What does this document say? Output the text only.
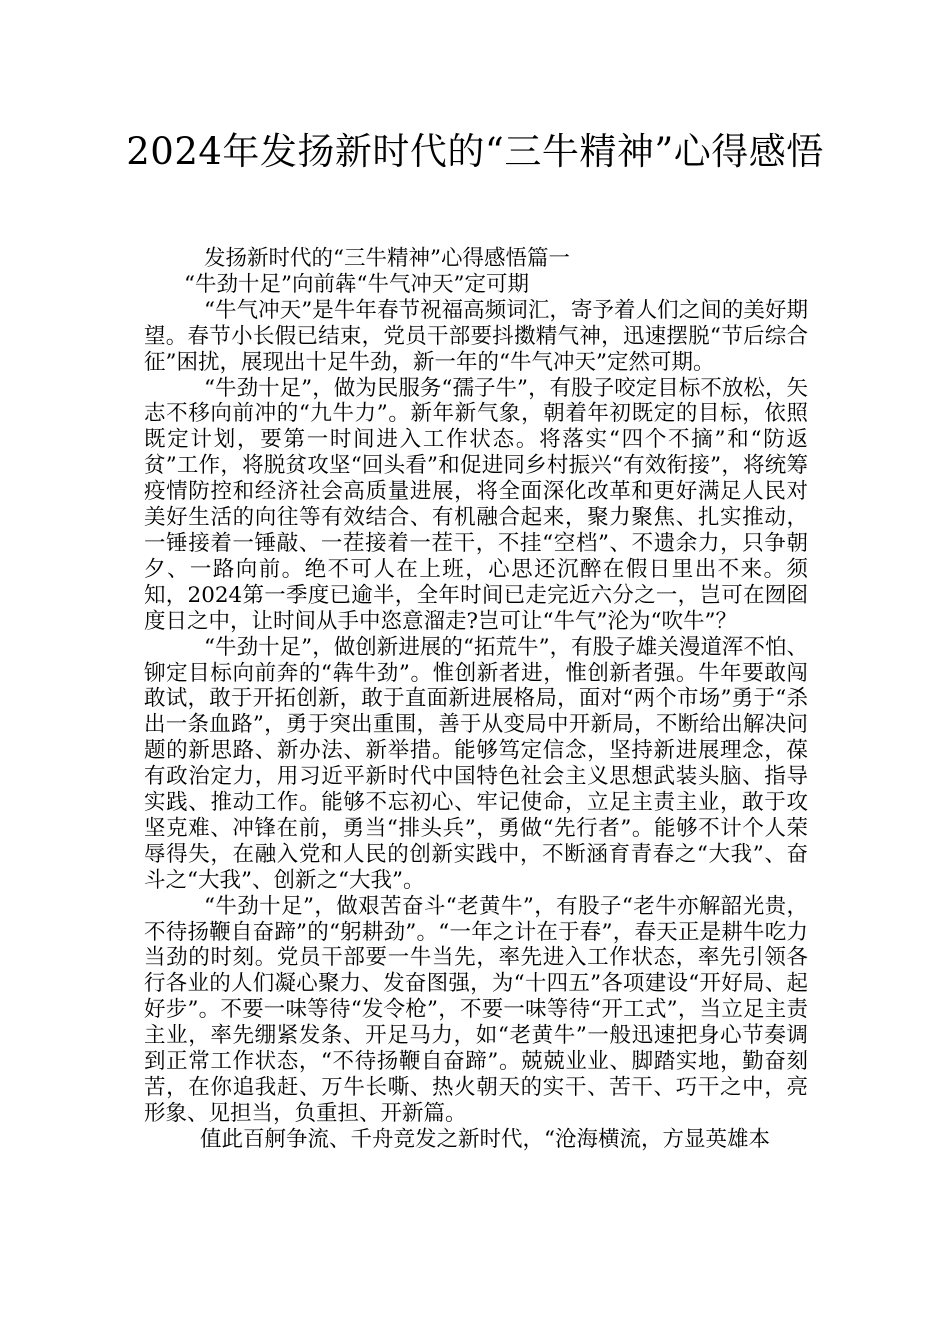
2024年发扬新时代的“三牛精神”心得感悟

发扬新时代的“三牛精神”心得感悟篇一

“牛劲十足”向前犇“牛气冲天”定可期

“牛气冲天”是牛年春节祝福高频词汇，寄予着人们之间的美好期望。春节小长假已结束，党员干部要抖擞精气神，迅速摆脱“节后综合征”困扰，展现出十足牛劲，新一年的“牛气冲天”定然可期。

“牛劲十足”，做为民服务“孺子牛”，有股子咬定目标不放松，矢志不移向前冲的“九牛力”。新年新气象，朝着年初既定的目标，依照既定计划，要第一时间进入工作状态。将落实“四个不摘”和“防返贫”工作，将脱贫攻坚“回头看”和促进同乡村振兴“有效衔接”，将统筹疫情防控和经济社会高质量进展，将全面深化改革和更好满足人民对美好生活的向往等有效结合、有机融合起来，聚力聚焦、扎实推动，一锤接着一锤敲、一茬接着一茬干，不挂“空档”、不遗余力，只争朝夕、一路向前。绝不可人在上班，心思还沉醉在假日里出不来。须知，2024第一季度已逾半，全年时间已走完近六分之一，岂可在囫囵度日之中，让时间从手中恣意溜走?岂可让“牛气”沦为“吹牛”？

“牛劲十足”，做创新进展的“拓荒牛”，有股子雄关漫道浑不怕、铆定目标向前奔的“犇牛劲”。惟创新者进，惟创新者强。牛年要敢闯敢试，敢于开拓创新，敢于直面新进展格局，面对“两个市场”勇于“杀出一条血路”，勇于突出重围，善于从变局中开新局，不断给出解决问题的新思路、新办法、新举措。能够笃定信念，坚持新进展理念，葆有政治定力，用习近平新时代中国特色社会主义思想武装头脑、指导实践、推动工作。能够不忘初心、牢记使命，立足主责主业，敢于攻坚克难、冲锋在前，勇当“排头兵”，勇做“先行者”。能够不计个人荣辱得失，在融入党和人民的创新实践中，不断涵育青春之“大我”、奋斗之“大我”、创新之“大我”。

“牛劲十足”，做艰苦奋斗“老黄牛”，有股子“老牛亦解韶光贵，不待扬鞭自奋蹄”的“躬耕劲”。“一年之计在于春”，春天正是耕牛吃力当劲的时刻。党员干部要一牛当先，率先进入工作状态，率先引领各行各业的人们凝心聚力、发奋图强，为“十四五”各项建设“开好局、起好步”。不要一味等待“发令枪”，不要一味等待“开工式”，当立足主责主业，率先绷紧发条、开足马力，如“老黄牛”一般迅速把身心节奏调到正常工作状态，“不待扬鞭自奋蹄”。兢兢业业、脚踏实地，勤奋刻苦，在你追我赶、万牛长嘶、热火朝天的实干、苦干、巧干之中，亮形象、见担当，负重担、开新篇。

值此百舸争流、千舟竞发之新时代，“沧海横流，方显英雄本
